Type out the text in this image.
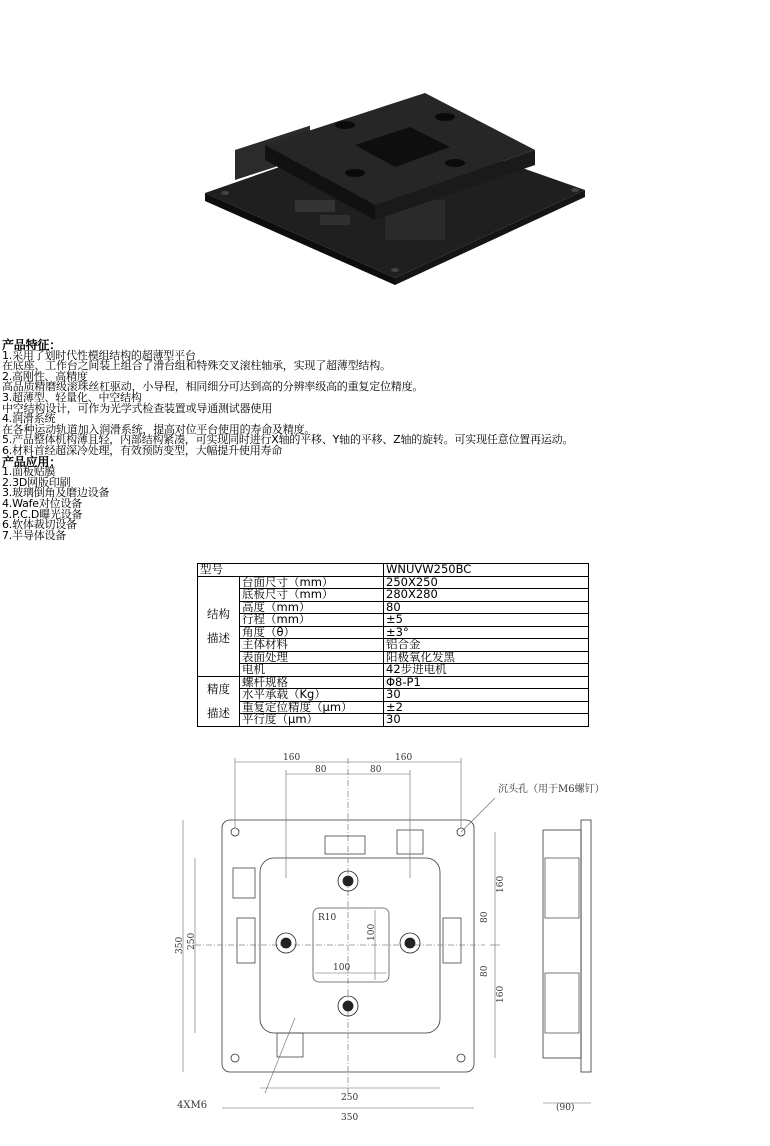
产品特征：
1.采用了划时代性模组结构的超薄型平台
在底座、工作台之间装上组合了滑台组和特殊交叉滚柱轴承，实现了超薄型结构。
2.高刚性、高精度
高品质精磨级滚珠丝杠驱动，小导程，相同细分可达到高的分辨率级高的重复定位精度。
3.超薄型、轻量化、中空结构
中空结构设计，可作为光学式检查装置或导通测试器使用
4.润滑系统
在各种运动轨道加入润滑系统，提高对位平台使用的寿命及精度。
5.产品整体机构薄且轻，内部结构紧凑，可实现同时进行X轴的平移、Y轴的平移、Z轴的旋转。可实现任意位置再运动。
6.材料首经超深冷处理，有效预防变型，大幅提升使用寿命
产品应用：
1.面板贴膜
2.3D网版印刷
3.玻璃倒角及磨边设备
4.Wafe对位设备
5.P.C.D曝光设备
6.软体裁切设备
7.半导体设备
型号		WNUVW250BC
结构描述	台面尺寸（mm）	250X250
	底板尺寸（mm）	280X280
	高度（mm）	80
	行程（mm）	±5
	角度（θ）	±3°
	主体材料	铝合金
	表面处理	阳极氧化发黑
	电机	42步进电机
精度描述	螺杆规格	Φ8-P1
	水平承载（Kg）	30
	重复定位精度（μm）	±2
	平行度（μm）	30
160	160
80	80
350 250
100
100
R10
160
80
80
160
250
350
(90)
4XM6
沉头孔（用于M6螺钉）
